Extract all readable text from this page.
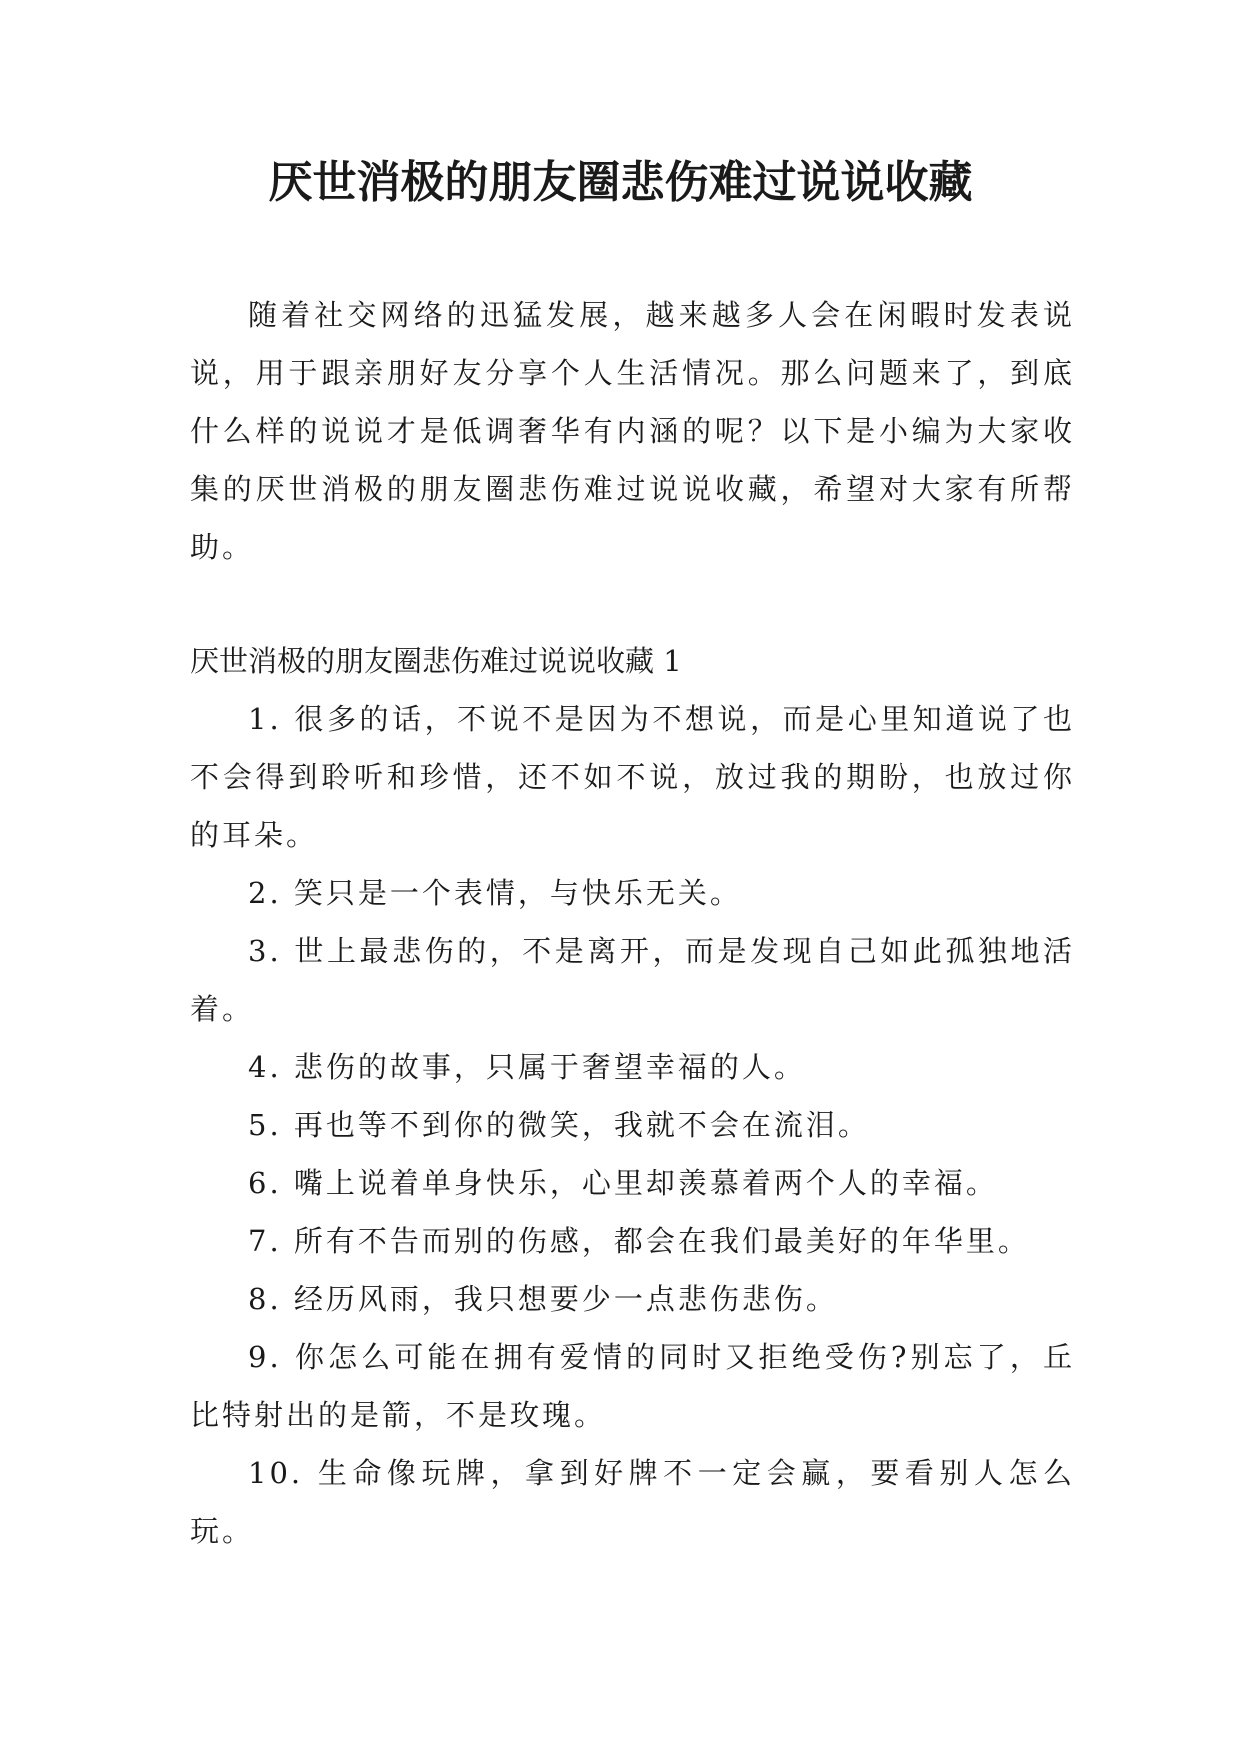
厌世消极的朋友圈悲伤难过说说收藏

随着社交网络的迅猛发展，越来越多人会在闲暇时发表说说，用于跟亲朋好友分享个人生活情况。那么问题来了，到底什么样的说说才是低调奢华有内涵的呢？以下是小编为大家收集的厌世消极的朋友圈悲伤难过说说收藏，希望对大家有所帮助。

厌世消极的朋友圈悲伤难过说说收藏 1
1. 很多的话，不说不是因为不想说，而是心里知道说了也不会得到聆听和珍惜，还不如不说，放过我的期盼，也放过你的耳朵。
2. 笑只是一个表情，与快乐无关。
3. 世上最悲伤的，不是离开，而是发现自己如此孤独地活着。
4. 悲伤的故事，只属于奢望幸福的人。
5. 再也等不到你的微笑，我就不会在流泪。
6. 嘴上说着单身快乐，心里却羡慕着两个人的幸福。
7. 所有不告而别的伤感，都会在我们最美好的年华里。
8. 经历风雨，我只想要少一点悲伤悲伤。
9. 你怎么可能在拥有爱情的同时又拒绝受伤?别忘了，丘比特射出的是箭，不是玫瑰。
10. 生命像玩牌，拿到好牌不一定会赢，要看别人怎么玩。
